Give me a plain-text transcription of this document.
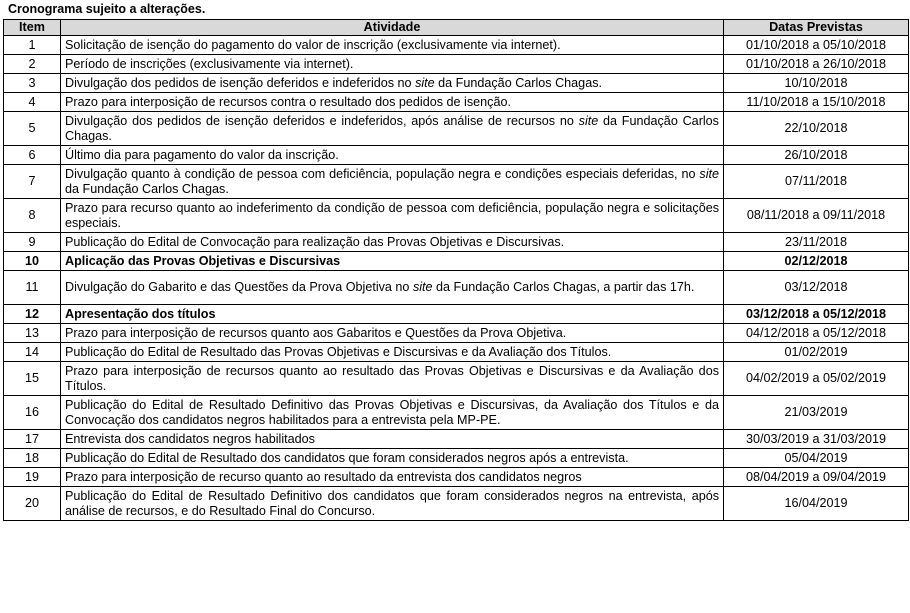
Cronograma sujeito a alterações.
Item	Atividade	Datas Previstas
1	Solicitação de isenção do pagamento do valor de inscrição (exclusivamente via internet).	01/10/2018 a 05/10/2018
2	Período de inscrições (exclusivamente via internet).	01/10/2018 a 26/10/2018
3	Divulgação dos pedidos de isenção deferidos e indeferidos no site da Fundação Carlos Chagas.	10/10/2018
4	Prazo para interposição de recursos contra o resultado dos pedidos de isenção.	11/10/2018 a 15/10/2018
5	Divulgação dos pedidos de isenção deferidos e indeferidos, após análise de recursos no site da Fundação Carlos Chagas.	22/10/2018
6	Último dia para pagamento do valor da inscrição.	26/10/2018
7	Divulgação quanto à condição de pessoa com deficiência, população negra e condições especiais deferidas, no site da Fundação Carlos Chagas.	07/11/2018
8	Prazo para recurso quanto ao indeferimento da condição de pessoa com deficiência, população negra e solicitações especiais.	08/11/2018 a 09/11/2018
9	Publicação do Edital de Convocação para realização das Provas Objetivas e Discursivas.	23/11/2018
10	Aplicação das Provas Objetivas e Discursivas	02/12/2018
11	Divulgação do Gabarito e das Questões da Prova Objetiva no site da Fundação Carlos Chagas, a partir das 17h.	03/12/2018
12	Apresentação dos títulos	03/12/2018 a 05/12/2018
13	Prazo para interposição de recursos quanto aos Gabaritos e Questões da Prova Objetiva.	04/12/2018 a 05/12/2018
14	Publicação do Edital de Resultado das Provas Objetivas e Discursivas e da Avaliação dos Títulos.	01/02/2019
15	Prazo para interposição de recursos quanto ao resultado das Provas Objetivas e Discursivas e da Avaliação dos Títulos.	04/02/2019 a 05/02/2019
16	Publicação do Edital de Resultado Definitivo das Provas Objetivas e Discursivas, da Avaliação dos Títulos e da Convocação dos candidatos negros habilitados para a entrevista pela MP-PE.	21/03/2019
17	Entrevista dos candidatos negros habilitados	30/03/2019 a 31/03/2019
18	Publicação do Edital de Resultado dos candidatos que foram considerados negros após a entrevista.	05/04/2019
19	Prazo para interposição de recurso quanto ao resultado da entrevista dos candidatos negros	08/04/2019 a 09/04/2019
20	Publicação do Edital de Resultado Definitivo dos candidatos que foram considerados negros na entrevista, após análise de recursos, e do Resultado Final do Concurso.	16/04/2019
